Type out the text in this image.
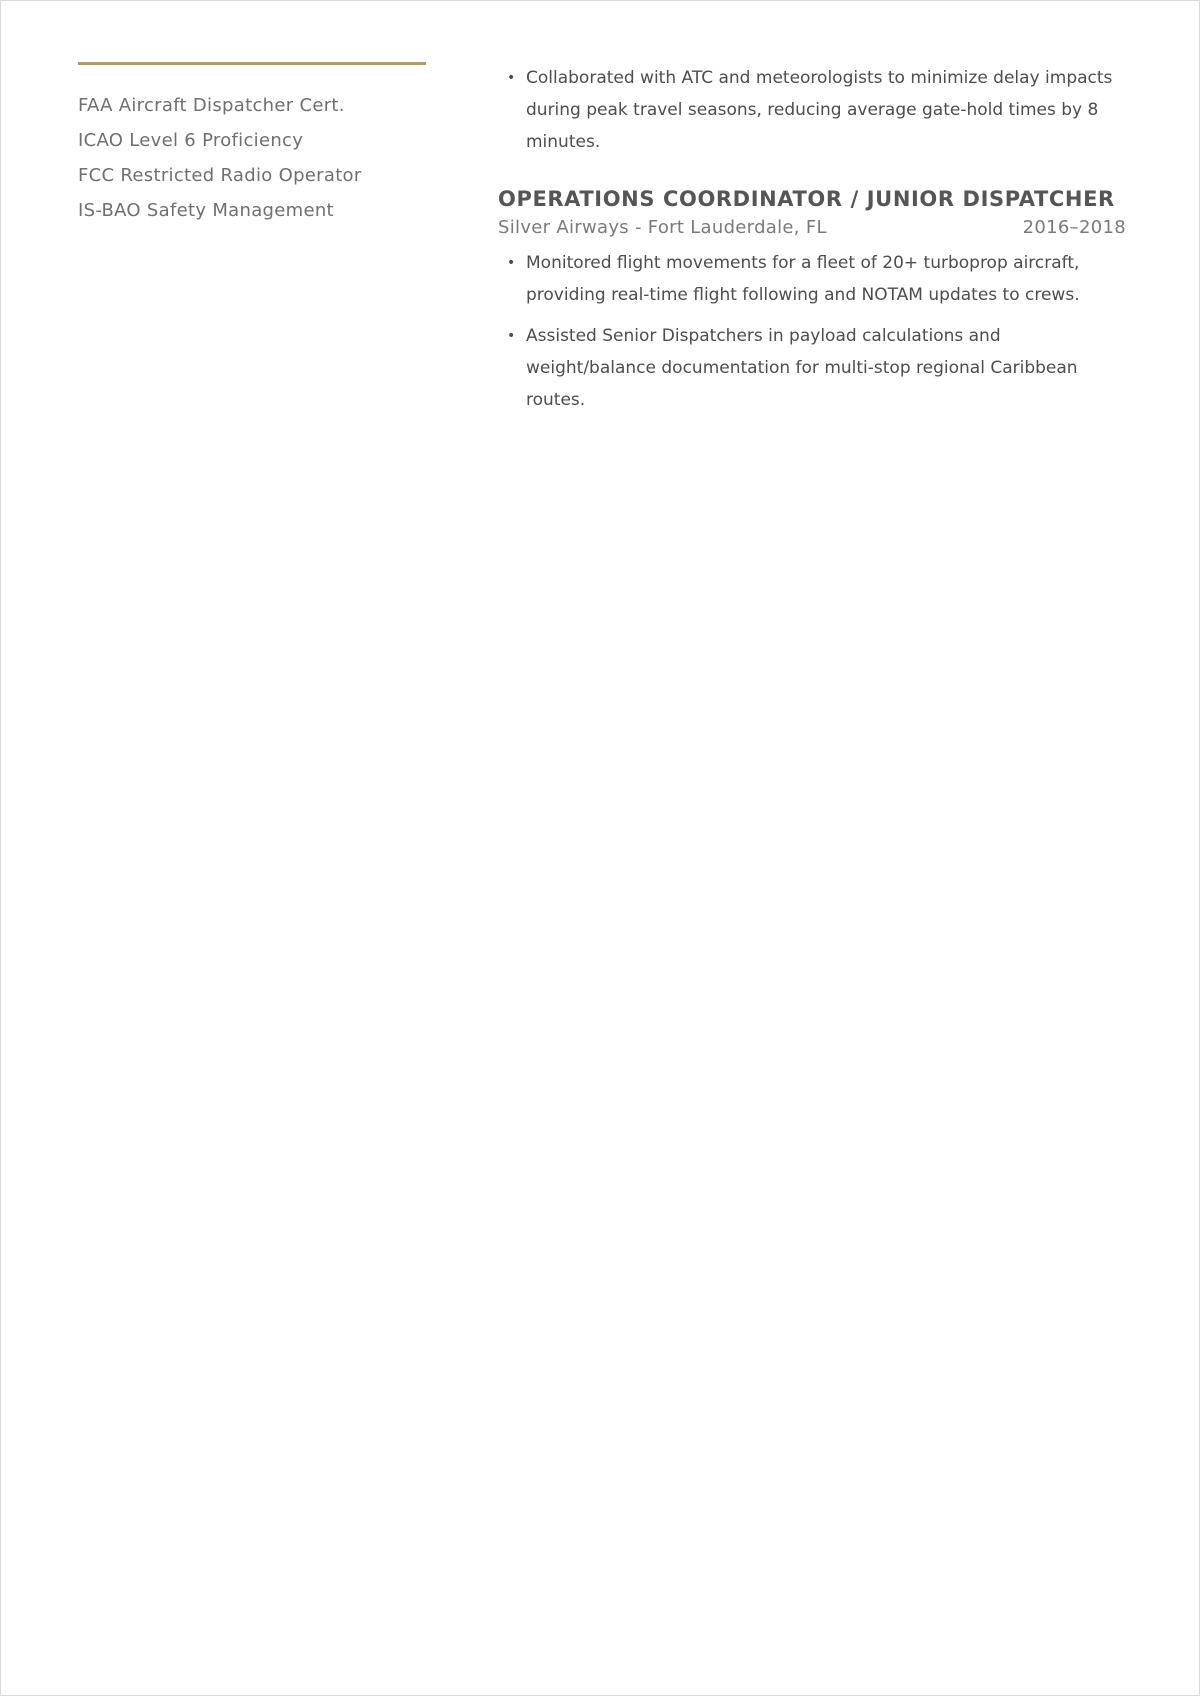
FAA Aircraft Dispatcher Cert.
ICAO Level 6 Proficiency
FCC Restricted Radio Operator
IS-BAO Safety Management
• Collaborated with ATC and meteorologists to minimize delay impacts during peak travel seasons, reducing average gate-hold times by 8 minutes.
OPERATIONS COORDINATOR / JUNIOR DISPATCHER
Silver Airways - Fort Lauderdale, FL	2016–2018
• Monitored flight movements for a fleet of 20+ turboprop aircraft, providing real-time flight following and NOTAM updates to crews.
• Assisted Senior Dispatchers in payload calculations and weight/balance documentation for multi-stop regional Caribbean routes.
